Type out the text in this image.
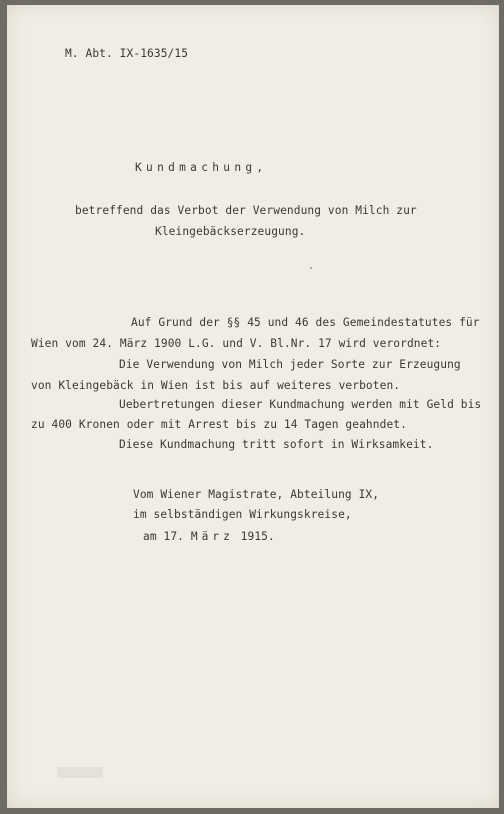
M. Abt. IX-1635/15
Kundmachung,
betreffend das Verbot der Verwendung von Milch zur
Kleingebäckserzeugung.
Auf Grund der §§ 45 und 46 des Gemeindestatutes für
Wien vom 24. März 1900 L.G. und V. Bl.Nr. 17 wird verordnet:
Die Verwendung von Milch jeder Sorte zur Erzeugung
von Kleingebäck in Wien ist bis auf weiteres verboten.
Uebertretungen dieser Kundmachung werden mit Geld bis
zu 400 Kronen oder mit Arrest bis zu 14 Tagen geahndet.
Diese Kundmachung tritt sofort in Wirksamkeit.
Vom Wiener Magistrate, Abteilung IX,
im selbständigen Wirkungskreise,
am 17. März 1915.
